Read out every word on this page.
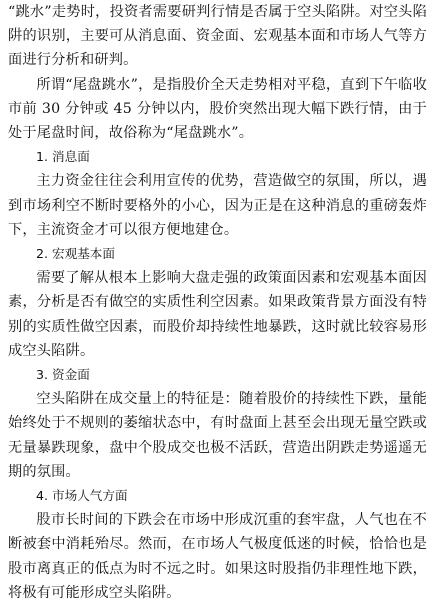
“跳水”走势时，投资者需要研判行情是否属于空头陷阱。对空头陷阱的识别，主要可从消息面、资金面、宏观基本面和市场人气等方面进行分析和研判。

所谓“尾盘跳水”，是指股价全天走势相对平稳，直到下午临收市前 30 分钟或 45 分钟以内，股价突然出现大幅下跌行情，由于处于尾盘时间，故俗称为“尾盘跳水”。

1. 消息面

主力资金往往会利用宣传的优势，营造做空的氛围，所以，遇到市场利空不断时要格外的小心，因为正是在这种消息的重磅轰炸下，主流资金才可以很方便地建仓。

2. 宏观基本面

需要了解从根本上影响大盘走强的政策面因素和宏观基本面因素，分析是否有做空的实质性利空因素。如果政策背景方面没有特别的实质性做空因素，而股价却持续性地暴跌，这时就比较容易形成空头陷阱。

3. 资金面

空头陷阱在成交量上的特征是：随着股价的持续性下跌，量能始终处于不规则的萎缩状态中，有时盘面上甚至会出现无量空跌或无量暴跌现象，盘中个股成交也极不活跃，营造出阴跌走势遥遥无期的氛围。

4. 市场人气方面

股市长时间的下跌会在市场中形成沉重的套牢盘，人气也在不断被套中消耗殆尽。然而，在市场人气极度低迷的时候，恰恰也是股市离真正的低点为时不远之时。如果这时股指仍非理性地下跌，将极有可能形成空头陷阱。
